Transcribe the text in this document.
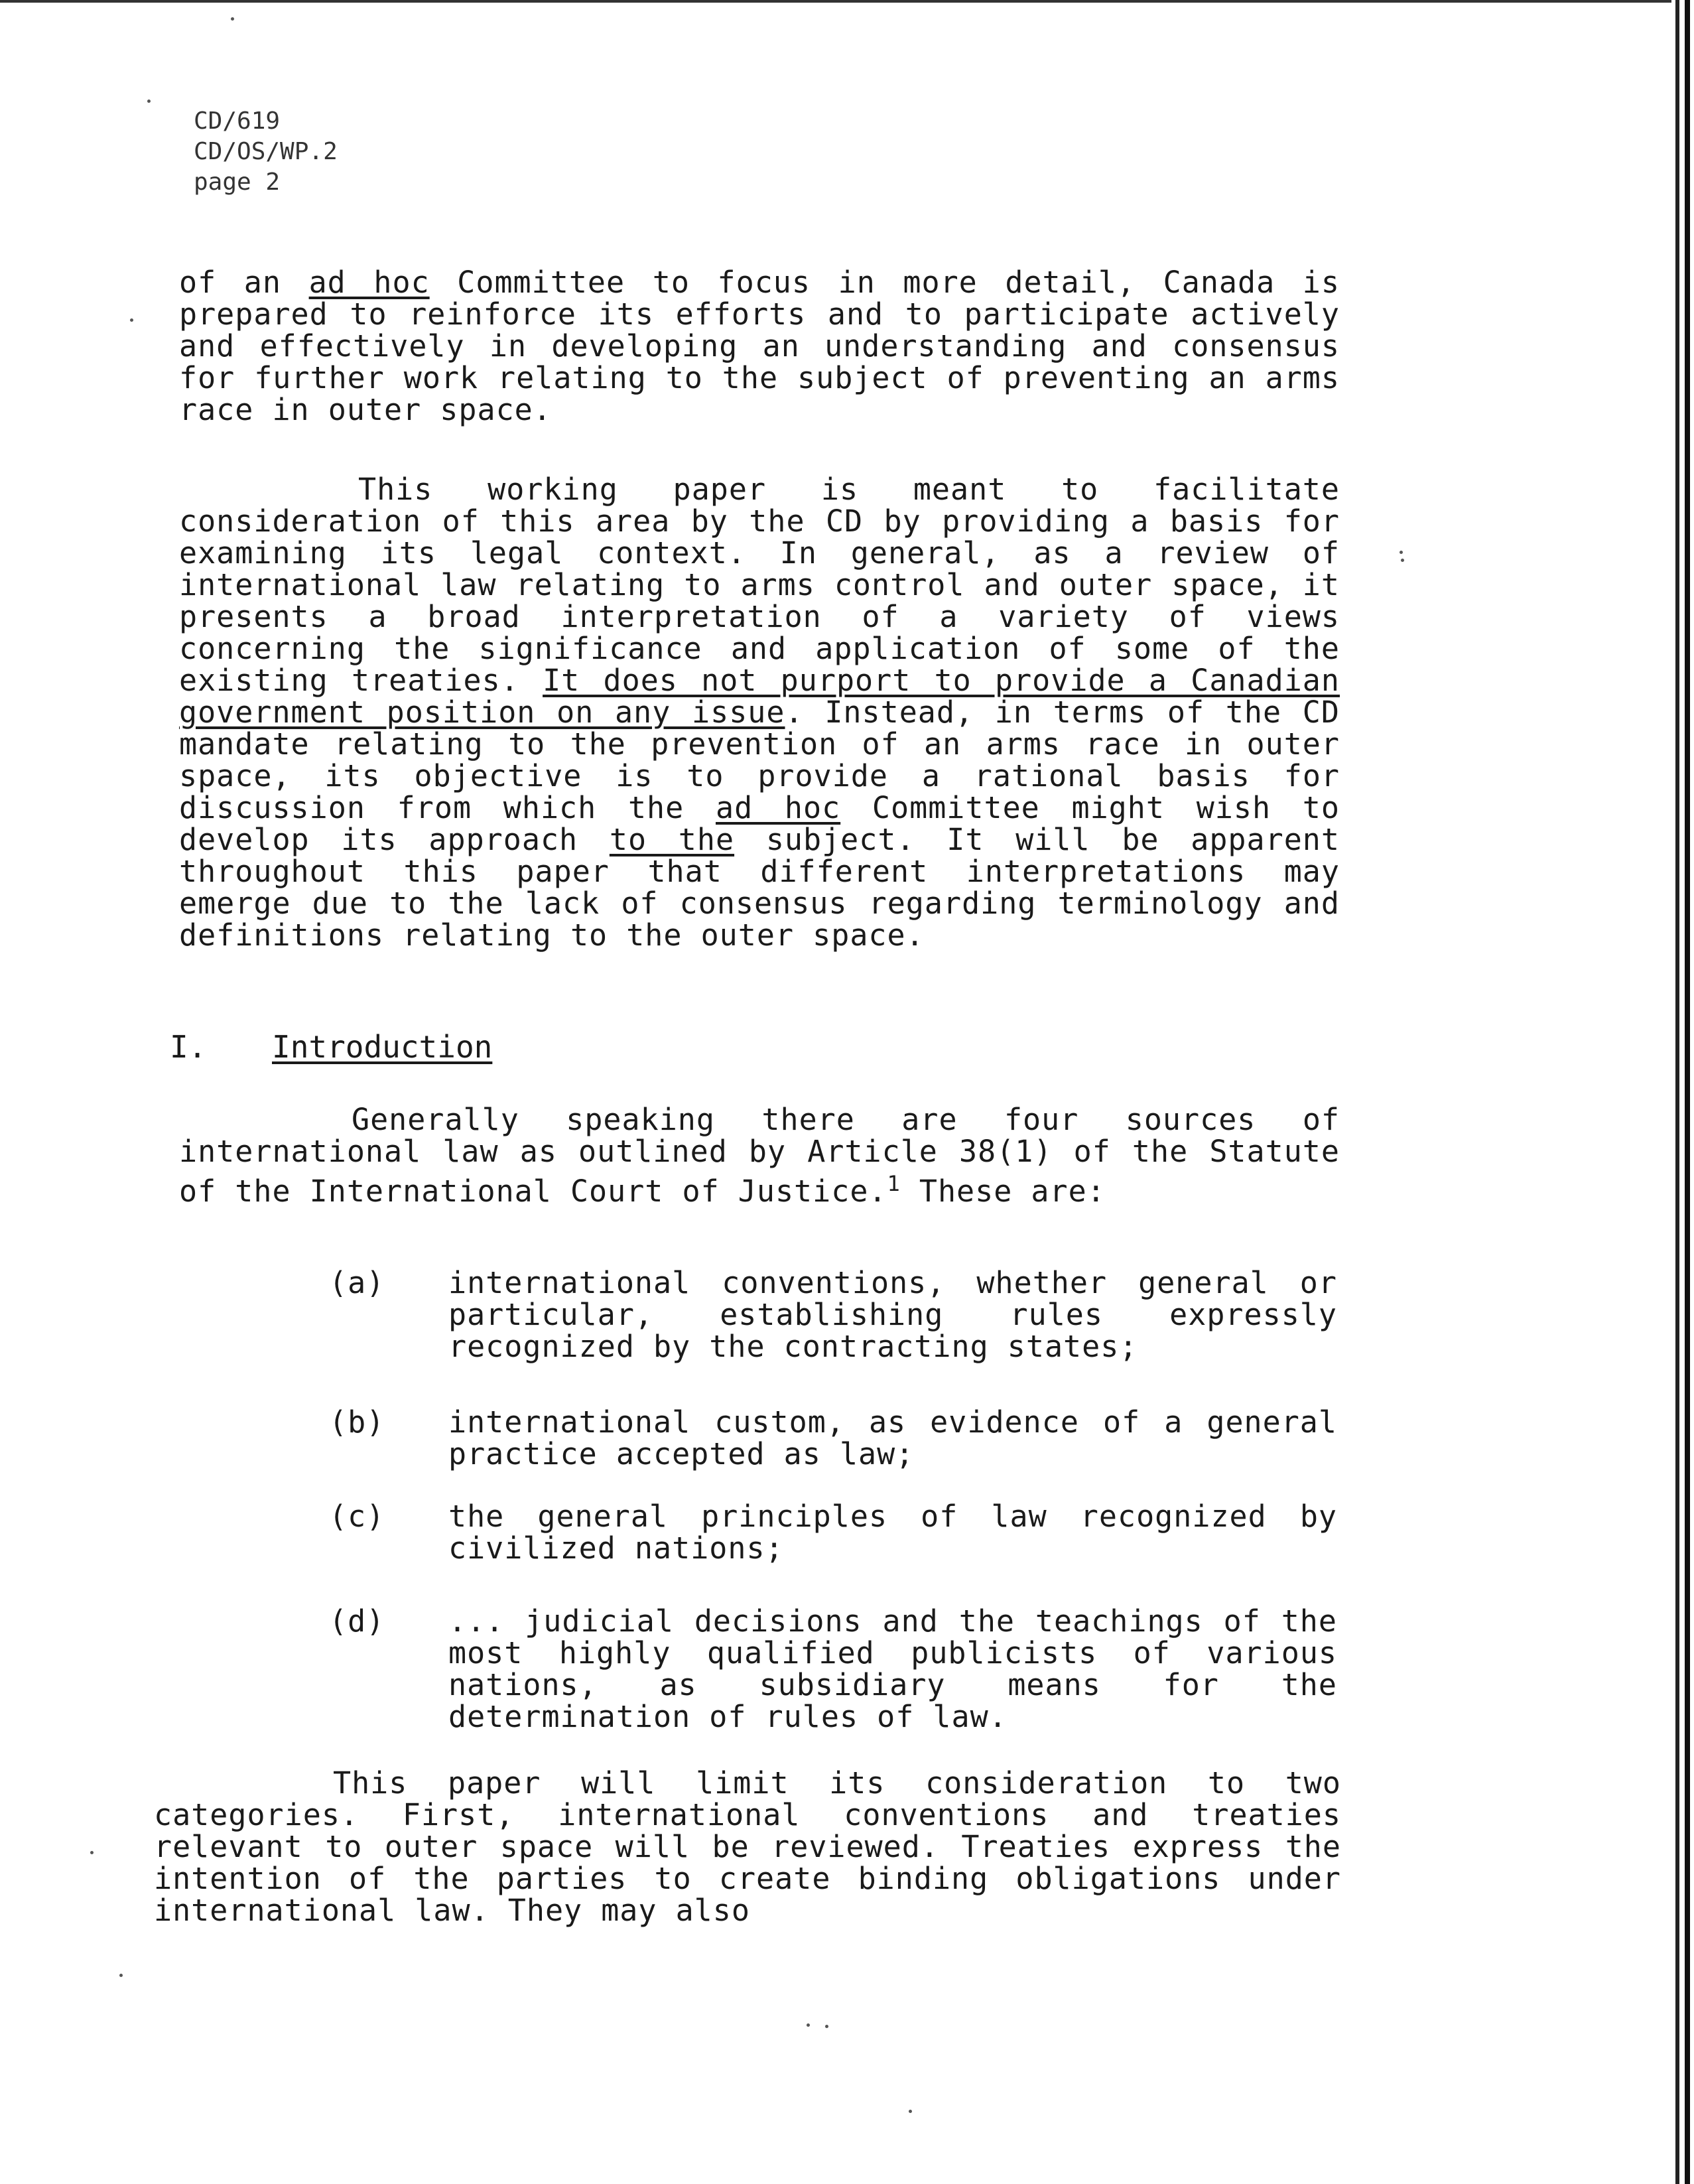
CD/619
CD/OS/WP.2
page 2

of an ad hoc Committee to focus in more detail, Canada is prepared to reinforce its efforts and to participate actively and effectively in developing an understanding and consensus for further work relating to the subject of preventing an arms race in outer space.

This working paper is meant to facilitate consideration of this area by the CD by providing a basis for examining its legal context. In general, as a review of international law relating to arms control and outer space, it presents a broad interpretation of a variety of views concerning the significance and application of some of the existing treaties. It does not purport to provide a Canadian government position on any issue. Instead, in terms of the CD mandate relating to the prevention of an arms race in outer space, its objective is to provide a rational basis for discussion from which the ad hoc Committee might wish to develop its approach to the subject. It will be apparent throughout this paper that different interpretations may emerge due to the lack of consensus regarding terminology and definitions relating to the outer space.

I. Introduction

Generally speaking there are four sources of international law as outlined by Article 38(1) of the Statute of the International Court of Justice.$^1$ These are:

(a)	international conventions, whether general or particular, establishing rules expressly recognized by the contracting states;
(b)	international custom, as evidence of a general practice accepted as law;
(c)	the general principles of law recognized by civilized nations;
(d)	... judicial decisions and the teachings of the most highly qualified publicists of various nations, as subsidiary means for the determination of rules of law.

This paper will limit its consideration to two categories. First, international conventions and treaties relevant to outer space will be reviewed. Treaties express the intention of the parties to create binding obligations under international law. They may also
